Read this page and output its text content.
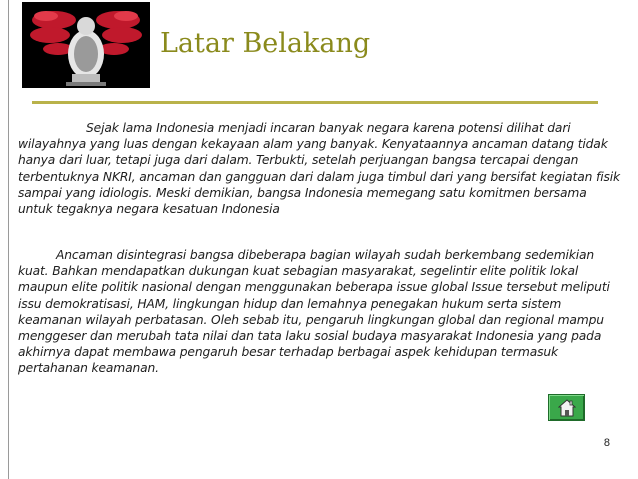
Latar Belakang

Sejak lama Indonesia menjadi incaran banyak negara karena potensi dilihat dari wilayahnya yang luas dengan kekayaan alam yang banyak. Kenyataannya ancaman datang tidak hanya dari luar, tetapi juga dari dalam. Terbukti, setelah perjuangan bangsa tercapai dengan terbentuknya NKRI, ancaman dan gangguan dari dalam juga timbul dari yang bersifat kegiatan fisik sampai yang idiologis. Meski demikian, bangsa Indonesia memegang satu komitmen bersama untuk tegaknya negara kesatuan Indonesia

Ancaman disintegrasi bangsa dibeberapa bagian wilayah sudah berkembang sedemikian kuat. Bahkan mendapatkan dukungan kuat sebagian masyarakat, segelintir elite politik lokal maupun elite politik nasional dengan menggunakan beberapa issue global Issue tersebut meliputi issu demokratisasi, HAM, lingkungan hidup dan lemahnya penegakan hukum serta sistem keamanan wilayah perbatasan. Oleh sebab itu, pengaruh lingkungan global dan regional mampu menggeser dan merubah tata nilai dan tata laku sosial budaya masyarakat Indonesia yang pada akhirnya dapat membawa pengaruh besar terhadap berbagai aspek kehidupan termasuk pertahanan keamanan.

8
